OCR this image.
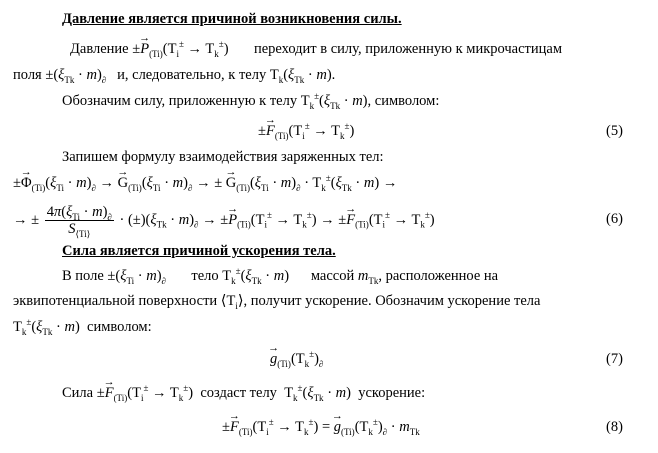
Давление является причиной возникновения силы.
Давление ±→ $P_{(Ti)}(T_i^\pm \to T_k^\pm)$       переходит в силу, приложенную к микрочастицам
поля $\pm(\xi_{Tk} \cdot m)_\partial$ и, следовательно, к телу $T_k(\xi_{Tk} \cdot m)$.
Обозначим силу, приложенную к телу $T_k^\pm(\xi_{Tk} \cdot m)$, символом:
±→ $F_{(Ti)}(T_i^\pm \to T_k^\pm)$	(5)
Запишем формулу взаимодействия заряженных тел:
±→ $\Phi_{(Ti)}(\xi_{Ti} \cdot m)_\partial$ → → $G_{(Ti)}(\xi_{Ti} \cdot m)_\partial$ → ± → $G_{(Ti)}(\xi_{Ti} \cdot m)_\partial \cdot T_k^\pm(\xi_{Tk} \cdot m)$ →
→ ± $\frac{4\pi(\xi_{Ti} \cdot m)_\partial}{S_{⟨Ti⟩}} \cdot (\pm)(\xi_{Tk} \cdot m)_\partial$ → ±→ $P_{(Ti)}(T_i^\pm \to T_k^\pm)$ → ±→ $F_{(Ti)}(T_i^\pm \to T_k^\pm)$	(6)
Сила является причиной ускорения тела.
В поле $\pm(\xi_{Ti} \cdot m)_\partial$ тело $T_k^\pm(\xi_{Tk} \cdot m)$      массой $m_{Tk}$, расположенное на
эквипотенциальной поверхности $⟨T_i⟩$, получит ускорение. Обозначим ускорение тела
$T_k^\pm(\xi_{Tk} \cdot m)$  символом:
→ $g_{(Ti)}(T_k^\pm)_\partial$	(7)
Сила ±→ $F_{(Ti)}(T_i^\pm \to T_k^\pm)$  создаст телу  $T_k^\pm(\xi_{Tk} \cdot m)$  ускорение:
±→ $F_{(Ti)}(T_i^\pm \to T_k^\pm)$ = → $g_{(Ti)}(T_k^\pm)_\partial \cdot m_{Tk}$	(8)
